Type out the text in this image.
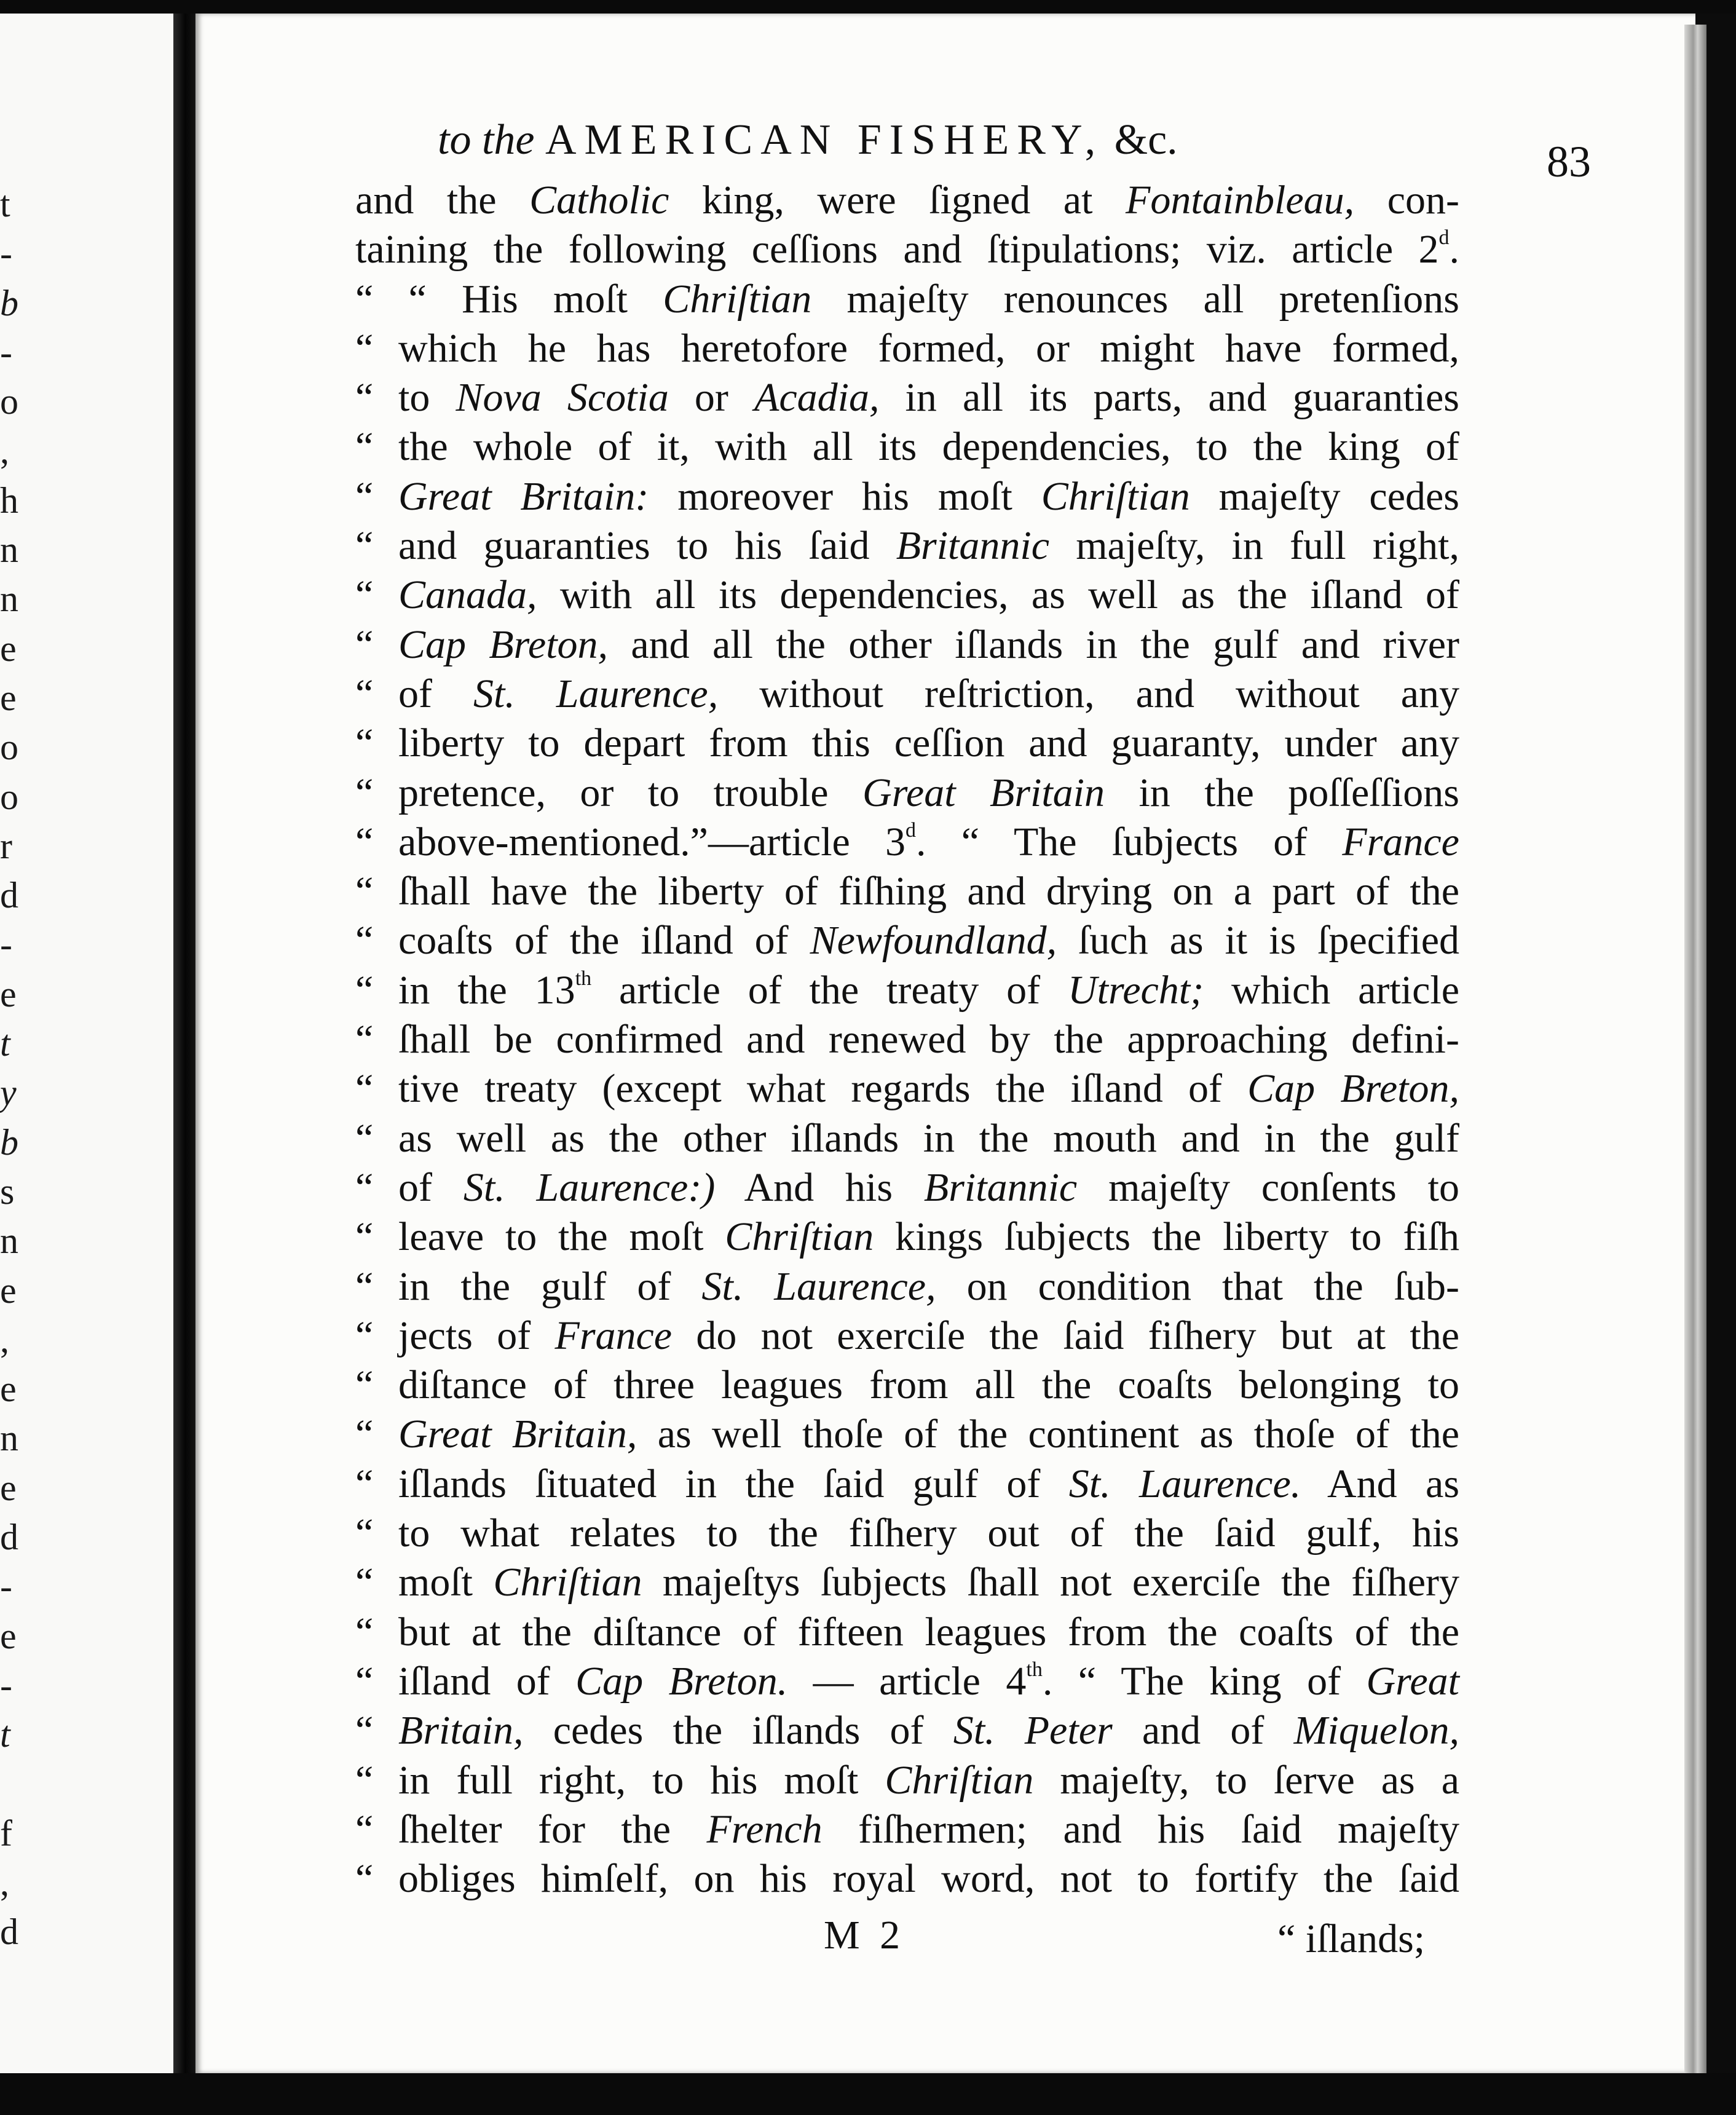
t
-
b
-
o
,
h
n
n
e
e
o
o
r
d
-
e
t
y
b
s
n
e
,
e
n
e
d
-
e
-
t
f
,
d
to the AMERICAN FISHERY, &c.	83
and the Catholic king, were ſigned at Fontainbleau, con-
taining the following ceſſions and ſtipulations; viz. article 2$^d$.
“ “ His moſt Chriſtian majeſty renounces all pretenſions
“ which he has heretofore formed, or might have formed,
“ to Nova Scotia or Acadia, in all its parts, and guaranties
“ the whole of it, with all its dependencies, to the king of
“ Great Britain: moreover his moſt Chriſtian majeſty cedes
“ and guaranties to his ſaid Britannic majeſty, in full right,
“ Canada, with all its dependencies, as well as the iſland of
“ Cap Breton, and all the other iſlands in the gulf and river
“ of St. Laurence, without reſtriction, and without any
“ liberty to depart from this ceſſion and guaranty, under any
“ pretence, or to trouble Great Britain in the poſſeſſions
“ above-mentioned.”—article 3$^d$. “ The ſubjects of France
“ ſhall have the liberty of fiſhing and drying on a part of the
“ coaſts of the iſland of Newfoundland, ſuch as it is ſpecified
“ in the 13th article of the treaty of Utrecht; which article
“ ſhall be confirmed and renewed by the approaching defini-
“ tive treaty (except what regards the iſland of Cap Breton,
“ as well as the other iſlands in the mouth and in the gulf
“ of St. Laurence:) And his Britannic majeſty conſents to
“ leave to the moſt Chriſtian kings ſubjects the liberty to fiſh
“ in the gulf of St. Laurence, on condition that the ſub-
“ jects of France do not exerciſe the ſaid fiſhery but at the
“ diſtance of three leagues from all the coaſts belonging to
“ Great Britain, as well thoſe of the continent as thoſe of the
“ iſlands ſituated in the ſaid gulf of St. Laurence. And as
“ to what relates to the fiſhery out of the ſaid gulf, his
“ moſt Chriſtian majeſtys ſubjects ſhall not exerciſe the fiſhery
“ but at the diſtance of fifteen leagues from the coaſts of the
“ iſland of Cap Breton. — article 4th. “ The king of Great
“ Britain, cedes the iſlands of St. Peter and of Miquelon,
“ in full right, to his moſt Chriſtian majeſty, to ſerve as a
“ ſhelter for the French fiſhermen; and his ſaid majeſty
“ obliges himſelf, on his royal word, not to fortify the ſaid
M 2	“ iſlands;
